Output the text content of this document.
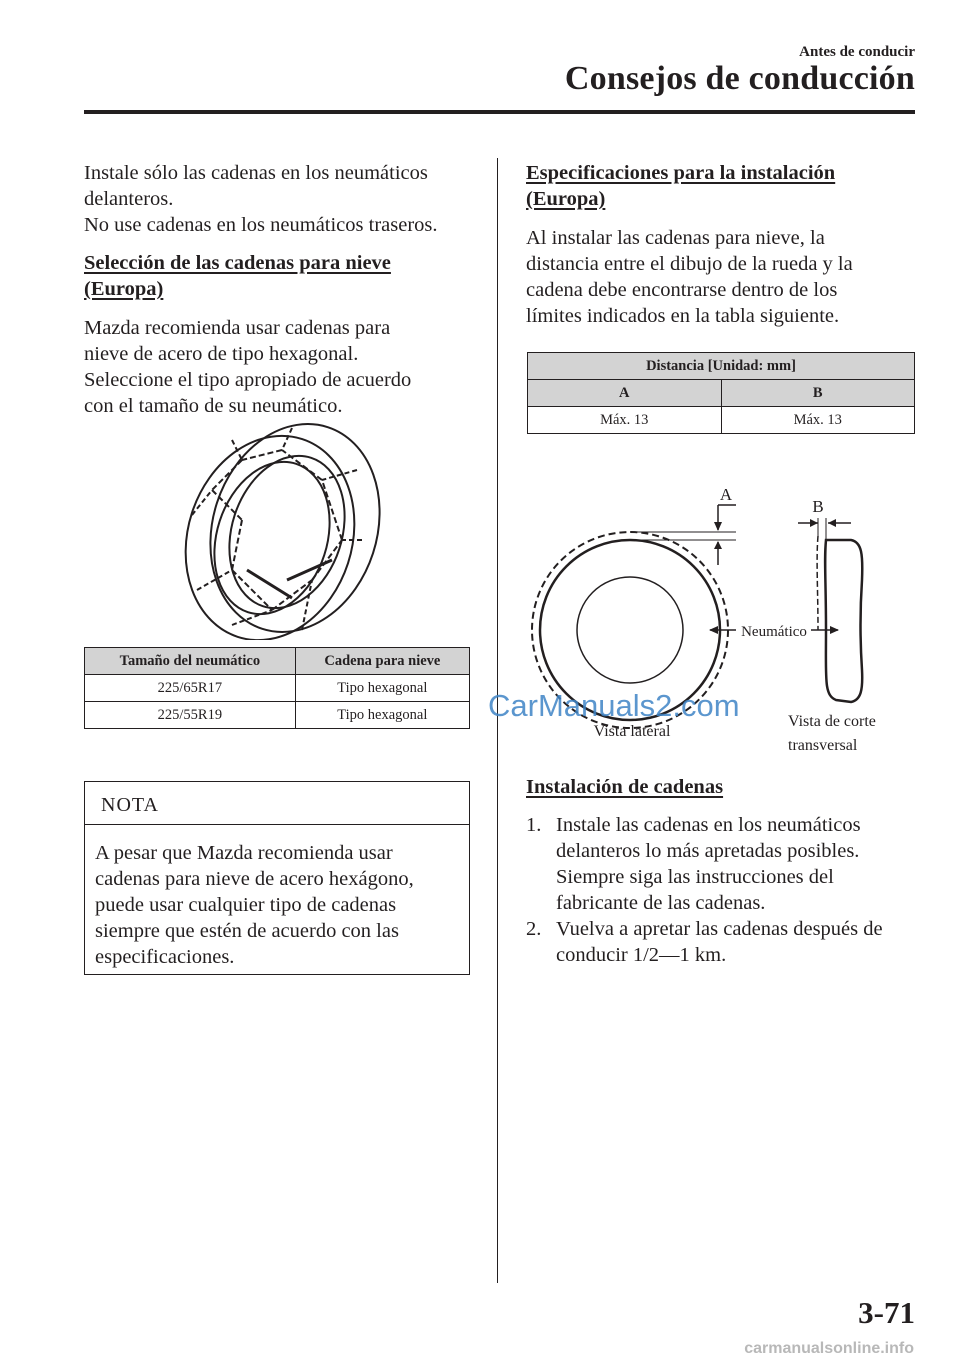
Antes de conducir
Consejos de conducción
Instale sólo las cadenas en los neumáticos
delanteros.
No use cadenas en los neumáticos traseros.
Selección de las cadenas para nieve
(Europa)
Mazda recomienda usar cadenas para
nieve de acero de tipo hexagonal.
Seleccione el tipo apropiado de acuerdo
con el tamaño de su neumático.
Tamaño del neumático	Cadena para nieve
225/65R17	Tipo hexagonal
225/55R19	Tipo hexagonal
NOTA
A pesar que Mazda recomienda usar
cadenas para nieve de acero hexágono,
puede usar cualquier tipo de cadenas
siempre que estén de acuerdo con las
especificaciones.
Especificaciones para la instalación
(Europa)
Al instalar las cadenas para nieve, la
distancia entre el dibujo de la rueda y la
cadena debe encontrarse dentro de los
límites indicados en la tabla siguiente.
Distancia [Unidad: mm]	
A	B
Máx. 13	Máx. 13
A
B
Neumático
Vista lateral
Vista de corte
transversal
Instalación de cadenas
1. Instale las cadenas en los neumáticos
delanteros lo más apretadas posibles.
Siempre siga las instrucciones del
fabricante de las cadenas.
2. Vuelva a apretar las cadenas después de
conducir 1/2—1 km.
CarManuals2.com
3-71
carmanualsonline.info
